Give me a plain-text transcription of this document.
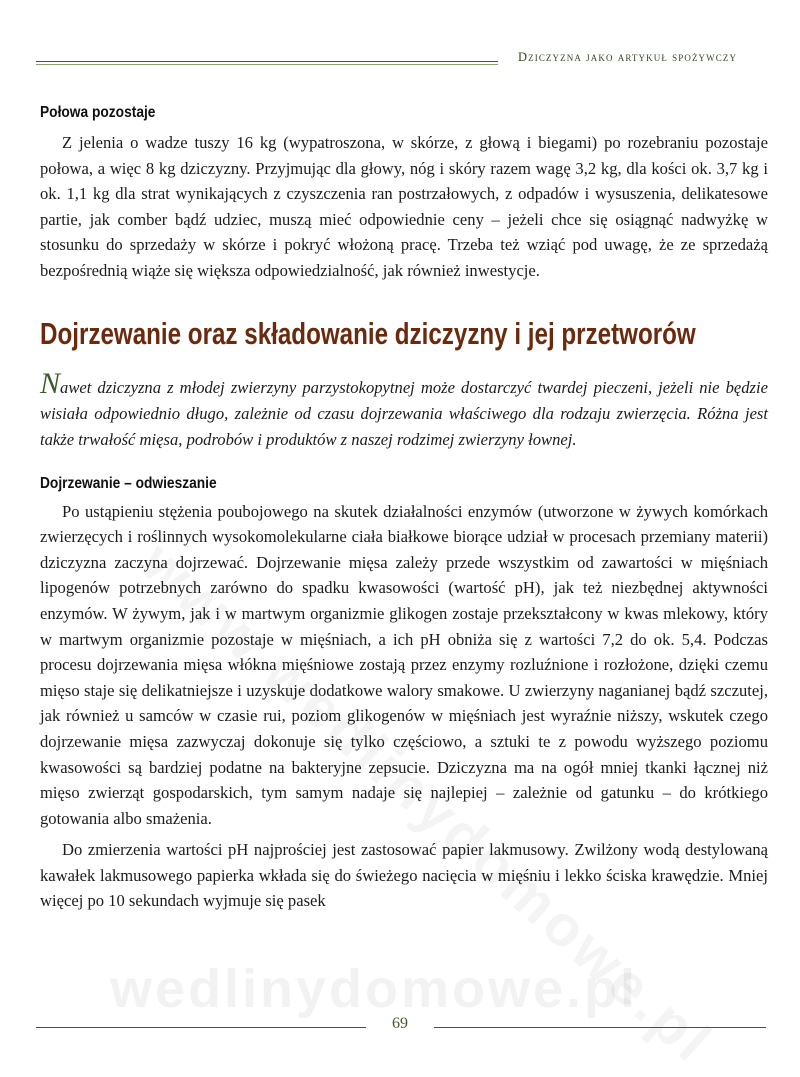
Dziczyzna jako artykuł spożywczy
Połowa pozostaje

Z jelenia o wadze tuszy 16 kg (wypatroszona, w skórze, z głową i biegami) po rozebraniu pozostaje połowa, a więc 8 kg dziczyzny. Przyjmując dla głowy, nóg i skóry razem wagę 3,2 kg, dla kości ok. 3,7 kg i ok. 1,1 kg dla strat wynikających z czyszczenia ran postrzałowych, z odpadów i wysuszenia, delikatesowe partie, jak comber bądź udziec, muszą mieć odpowiednie ceny – jeżeli chce się osiągnąć nadwyżkę w stosunku do sprzedaży w skórze i pokryć włożoną pracę. Trzeba też wziąć pod uwagę, że ze sprzedażą bezpośrednią wiąże się większa odpowiedzialność, jak również inwestycje.

Dojrzewanie oraz składowanie dziczyzny i jej przetworów

Nawet dziczyzna z młodej zwierzyny parzystokopytnej może dostarczyć twardej pieczeni, jeżeli nie będzie wisiała odpowiednio długo, zależnie od czasu dojrzewania właściwego dla rodzaju zwierzęcia. Różna jest także trwałość mięsa, podrobów i produktów z naszej rodzimej zwierzyny łownej.

Dojrzewanie – odwieszanie

Po ustąpieniu stężenia poubojowego na skutek działalności enzymów (utworzone w żywych komórkach zwierzęcych i roślinnych wysokomolekularne ciała białkowe biorące udział w procesach przemiany materii) dziczyzna zaczyna dojrzewać. Dojrzewanie mięsa zależy przede wszystkim od zawartości w mięśniach lipogenów potrzebnych zarówno do spadku kwasowości (wartość pH), jak też niezbędnej aktywności enzymów. W żywym, jak i w martwym organizmie glikogen zostaje przekształcony w kwas mlekowy, który w martwym organizmie pozostaje w mięśniach, a ich pH obniża się z wartości 7,2 do ok. 5,4. Podczas procesu dojrzewania mięsa włókna mięśniowe zostają przez enzymy rozluźnione i rozłożone, dzięki czemu mięso staje się delikatniejsze i uzyskuje dodatkowe walory smakowe. U zwierzyny naganianej bądź szczutej, jak również u samców w czasie rui, poziom glikogenów w mięśniach jest wyraźnie niższy, wskutek czego dojrzewanie mięsa zazwyczaj dokonuje się tylko częściowo, a sztuki te z powodu wyższego poziomu kwasowości są bardziej podatne na bakteryjne zepsucie. Dziczyzna ma na ogół mniej tkanki łącznej niż mięso zwierząt gospodarskich, tym samym nadaje się najlepiej – zależnie od gatunku – do krótkiego gotowania albo smażenia.

Do zmierzenia wartości pH najprościej jest zastosować papier lakmusowy. Zwilżony wodą destylowaną kawałek lakmusowego papierka wkłada się do świeżego nacięcia w mięśniu i lekko ściska krawędzie. Mniej więcej po 10 sekundach wyjmuje się pasek

wedlinydomowe.pl
69
